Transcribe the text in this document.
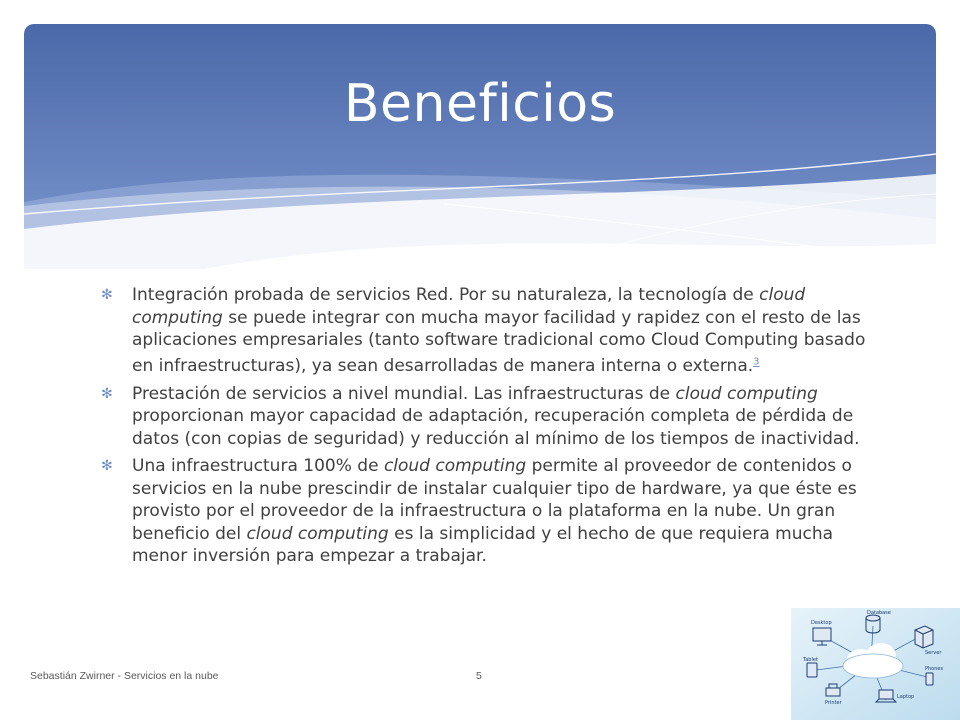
Beneficios
✻ Integración probada de servicios Red. Por su naturaleza, la tecnología de cloud computing se puede integrar con mucha mayor facilidad y rapidez con el resto de las aplicaciones empresariales (tanto software tradicional como Cloud Computing basado en infraestructuras), ya sean desarrolladas de manera interna o externa.$^3$
✻ Prestación de servicios a nivel mundial. Las infraestructuras de cloud computing proporcionan mayor capacidad de adaptación, recuperación completa de pérdida de datos (con copias de seguridad) y reducción al mínimo de los tiempos de inactividad.
✻ Una infraestructura 100% de cloud computing permite al proveedor de contenidos o servicios en la nube prescindir de instalar cualquier tipo de hardware, ya que éste es provisto por el proveedor de la infraestructura o la plataforma en la nube. Un gran beneficio del cloud computing es la simplicidad y el hecho de que requiera mucha menor inversión para empezar a trabajar.
Sebastián Zwirner - Servicios en la nube	5
Desktop
Database
Server
Phones
Laptop
Tablet
Printer
